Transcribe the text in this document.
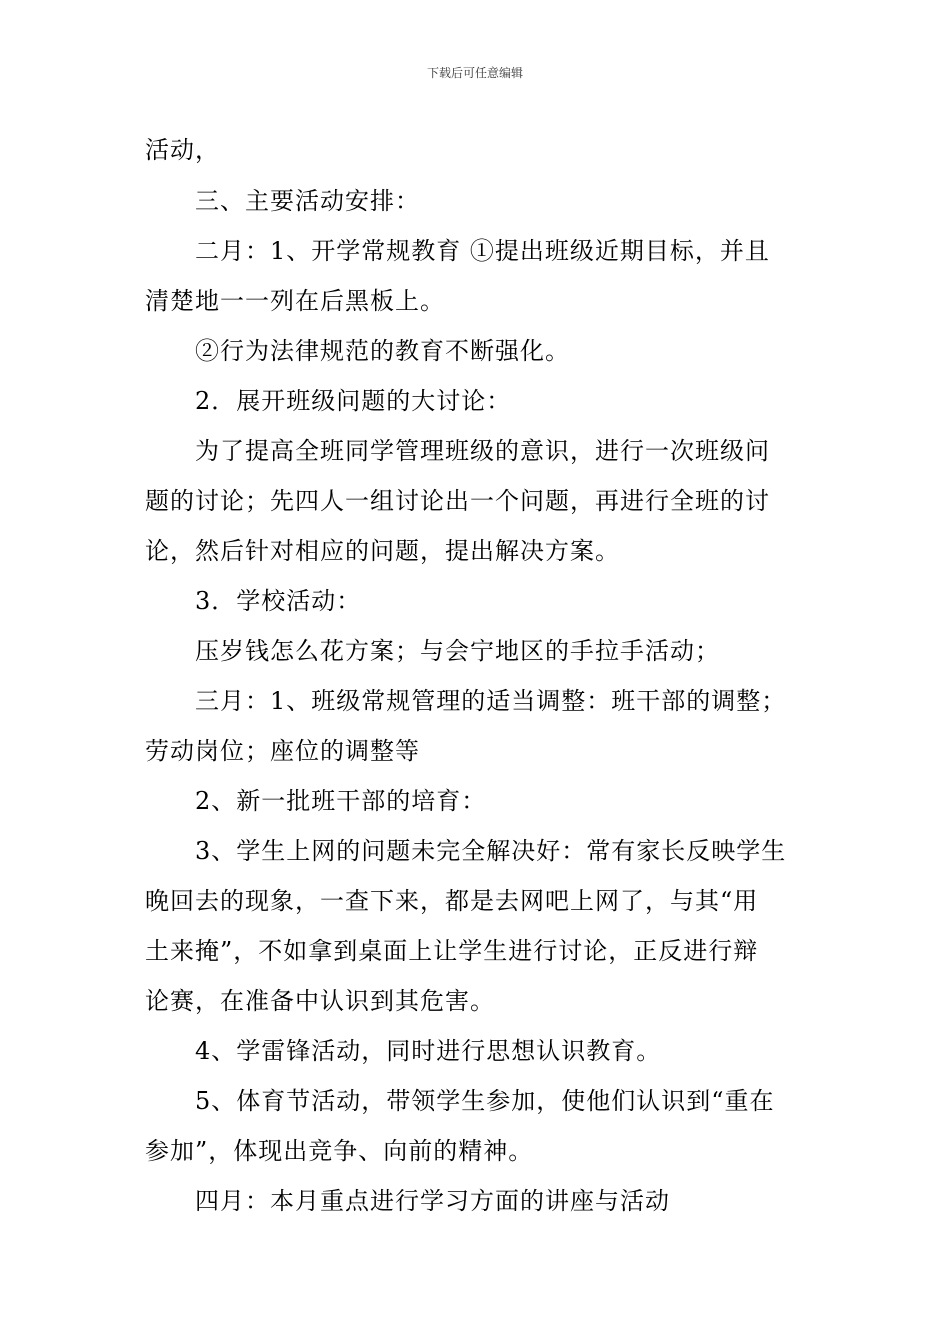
下载后可任意编辑
活动，
三、主要活动安排：
二月：1、开学常规教育 ①提出班级近期目标，并且
清楚地一一列在后黑板上。
②行为法律规范的教育不断强化。
2．展开班级问题的大讨论：
为了提高全班同学管理班级的意识，进行一次班级问
题的讨论；先四人一组讨论出一个问题，再进行全班的讨
论，然后针对相应的问题，提出解决方案。
3．学校活动：
压岁钱怎么花方案；与会宁地区的手拉手活动；
三月：1、班级常规管理的适当调整：班干部的调整；
劳动岗位；座位的调整等
2、新一批班干部的培育：
3、学生上网的问题未完全解决好：常有家长反映学生
晚回去的现象，一查下来，都是去网吧上网了，与其“用
土来掩”，不如拿到桌面上让学生进行讨论，正反进行辩
论赛，在准备中认识到其危害。
4、学雷锋活动，同时进行思想认识教育。
5、体育节活动，带领学生参加，使他们认识到“重在
参加”，体现出竞争、向前的精神。
四月：本月重点进行学习方面的讲座与活动
